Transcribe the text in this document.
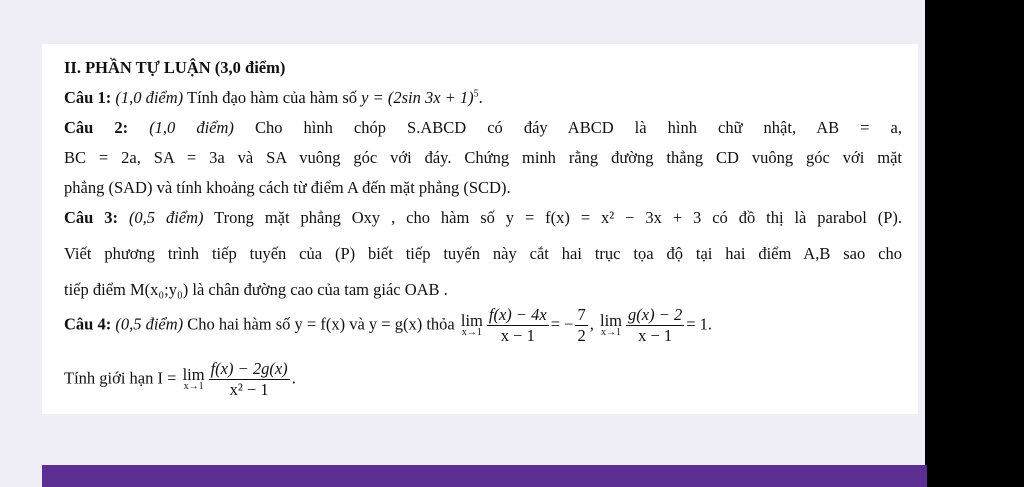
II. PHẦN TỰ LUẬN (3,0 điểm)
Câu 1: (1,0 điểm) Tính đạo hàm của hàm số y = (2sin 3x + 1)$^5$.
Câu 2: (1,0 điểm) Cho hình chóp S.ABCD có đáy ABCD là hình chữ nhật, AB = a,
BC = 2a, SA = 3a và SA vuông góc với đáy. Chứng minh rằng đường thẳng CD vuông góc với mặt
phẳng (SAD) và tính khoảng cách từ điểm A đến mặt phẳng (SCD).
Câu 3: (0,5 điểm) Trong mặt phẳng Oxy , cho hàm số y = f(x) = x² − 3x + 3 có đồ thị là parabol (P).
Viết phương trình tiếp tuyến của (P) biết tiếp tuyến này cắt hai trục tọa độ tại hai điểm A,B sao cho
tiếp điểm M(x₀;y₀) là chân đường cao của tam giác OAB .
Câu 4: (0,5 điểm) Cho hai hàm số y = f(x) và y = g(x) thỏa lim
$x\to 1 \frac{f(x) - 4x}{x - 1}$ = − $\frac{7}{2}$ , lim
$x\to 1 \frac{g(x) - 2}{x - 1} = 1$.
Tính giới hạn I = lim
$x\to 1 \frac{f(x) - 2g(x)}{\text{x² − 1}}$ .
